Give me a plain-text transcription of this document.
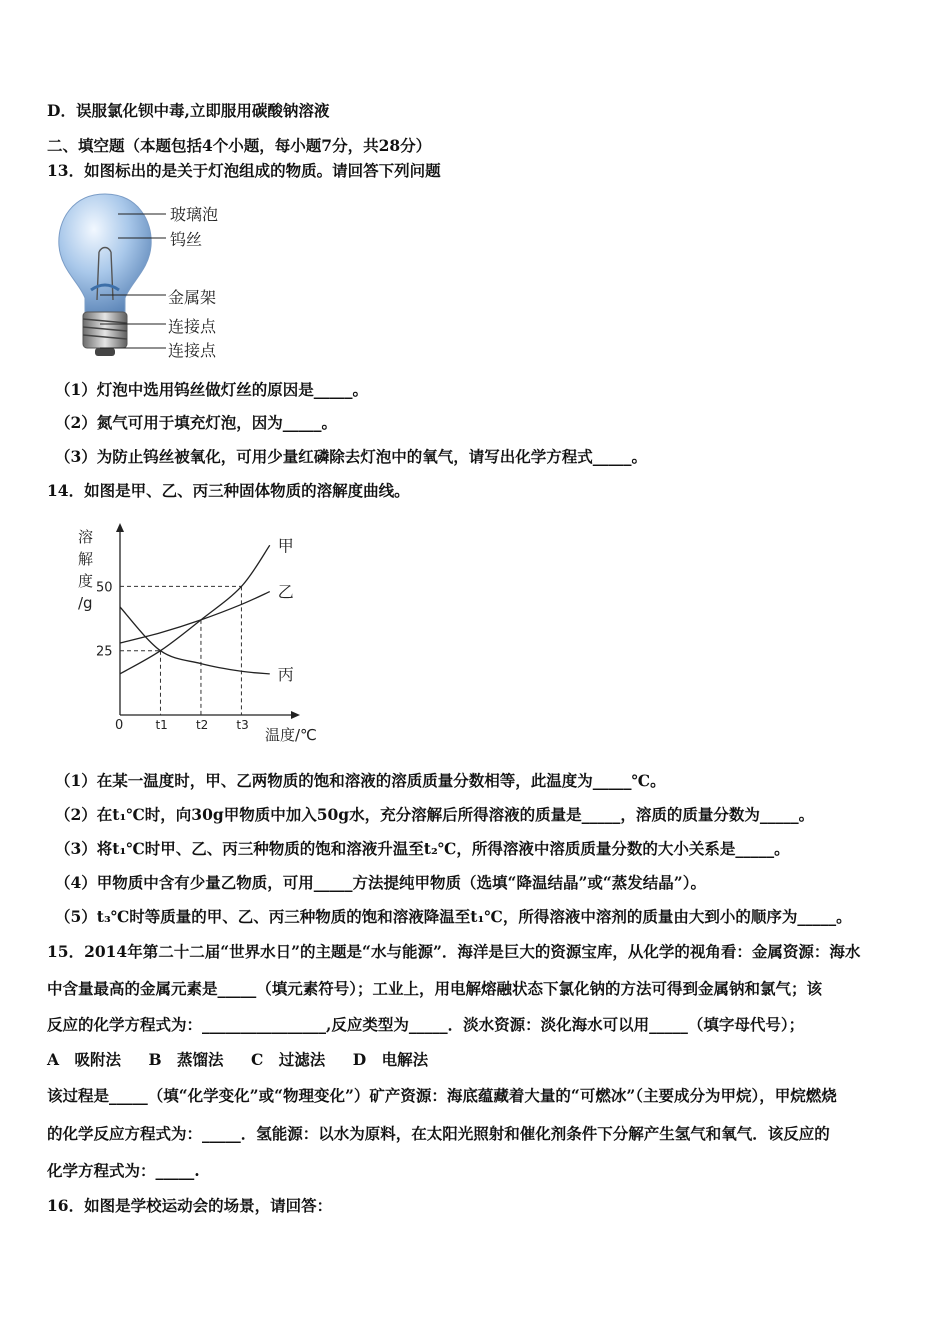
D．误服氯化钡中毒,立即服用碳酸钠溶液
二、填空题（本题包括4个小题，每小题7分，共28分）
13．如图标出的是关于灯泡组成的物质。请回答下列问题
玻璃泡
钨丝
金属架
连接点
连接点
（1）灯泡中选用钨丝做灯丝的原因是_____。
（2）氮气可用于填充灯泡，因为_____。
（3）为防止钨丝被氧化，可用少量红磷除去灯泡中的氧气，请写出化学方程式_____。
14．如图是甲、乙、丙三种固体物质的溶解度曲线。
溶
解
度
/g
温度/℃
0
25
50
t1 t2 t3
甲
乙
丙
（1）在某一温度时，甲、乙两物质的饱和溶液的溶质质量分数相等，此温度为_____℃。
（2）在t₁℃时，向30g甲物质中加入50g水，充分溶解后所得溶液的质量是_____，溶质的质量分数为_____。
（3）将t₁℃时甲、乙、丙三种物质的饱和溶液升温至t₂℃，所得溶液中溶质质量分数的大小关系是_____。
（4）甲物质中含有少量乙物质，可用_____方法提纯甲物质（选填“降温结晶”或“蒸发结晶”）。
（5）t₃℃时等质量的甲、乙、丙三种物质的饱和溶液降温至t₁℃，所得溶液中溶剂的质量由大到小的顺序为_____。
15．2014年第二十二届“世界水日”的主题是“水与能源”．海洋是巨大的资源宝库，从化学的视角看：金属资源：海水
中含量最高的金属元素是_____（填元素符号）；工业上，用电解熔融状态下氯化钠的方法可得到金属钠和氯气；该
反应的化学方程式为：________________,反应类型为_____．淡水资源：淡化海水可以用_____（填字母代号）；
A　吸附法 B　蒸馏法 C　过滤法 D　电解法
该过程是_____（填“化学变化”或“物理变化”）矿产资源：海底蕴藏着大量的“可燃冰”（主要成分为甲烷），甲烷燃烧
的化学反应方程式为：_____．氢能源：以水为原料，在太阳光照射和催化剂条件下分解产生氢气和氧气．该反应的
化学方程式为：_____.
16．如图是学校运动会的场景，请回答：
